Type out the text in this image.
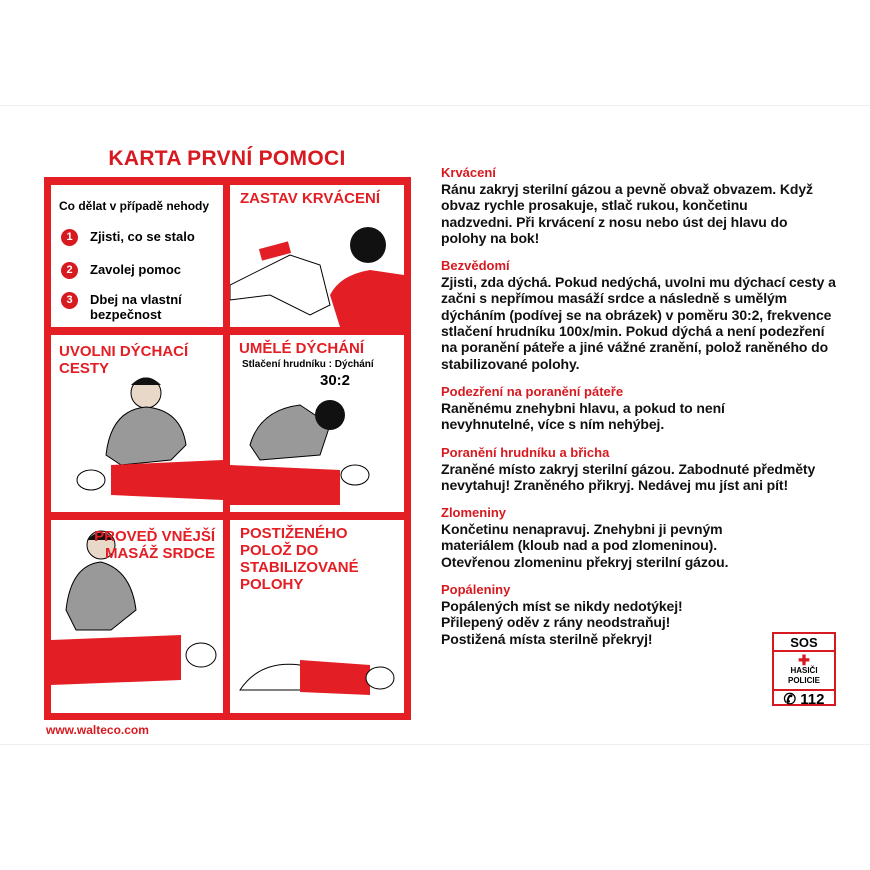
KARTA PRVNÍ POMOCI
Co dělat v případě nehody
1	Zjisti, co se stalo
2	Zavolej pomoc
3	Dbej na vlastní bezpečnost
ZASTAV KRVÁCENÍ
UVOLNI DÝCHACÍ CESTY
UMĚLÉ DÝCHÁNÍ
Stlačení hrudníku : Dýchání
30:2
PROVEĎ VNĚJŠÍ MASÁŽ SRDCE
POSTIŽENÉHO POLOŽ DO STABILIZOVANÉ POLOHY
www.walteco.com
Krvácení

Ránu zakryj sterilní gázou a pevně obvaž obvazem. Když obvaz rychle prosakuje, stlač rukou, končetinu nadzvedni. Při krvácení z nosu nebo úst dej hlavu do polohy na bok!

Bezvědomí

Zjisti, zda dýchá. Pokud nedýchá, uvolni mu dýchací cesty a začni s nepřímou masáží srdce a následně s umělým dýcháním (podívej se na obrázek) v poměru 30:2, frekvence stlačení hrudníku 100x/min. Pokud dýchá a není podezření na poranění páteře a jiné vážné zranění, polož raněného do stabilizované polohy.

Podezření na poranění páteře

Raněnému znehybni hlavu, a pokud to není nevyhnutelné, více s ním nehýbej.

Poranění hrudníku a břicha

Zraněné místo zakryj sterilní gázou. Zabodnuté předměty nevytahuj! Zraněného přikryj. Nedávej mu jíst ani pít!

Zlomeniny

Končetinu nenapravuj. Znehybni ji pevným materiálem (kloub nad a pod zlomeninou). Otevřenou zlomeninu překryj sterilní gázou.

Popáleniny

Popálených míst se nikdy nedotýkej! Přilepený oděv z rány neodstraňuj! Postižená místa sterilně překryj!	SOS
✚
HASIČI
POLICIE
✆ 112
